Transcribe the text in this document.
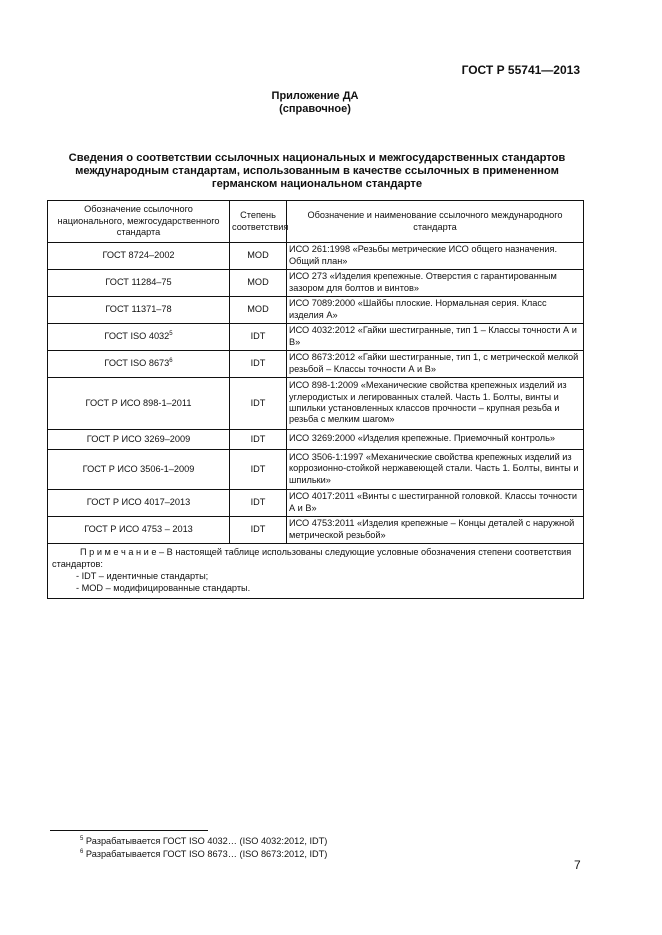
ГОСТ Р 55741—2013
Приложение ДА
(справочное)
Сведения о соответствии ссылочных национальных и межгосударственных стандартов международным стандартам, использованным в качестве ссылочных в примененном германском национальном стандарте
Обозначение ссылочного национального, межгосударственного стандарта	Степень соответствия	Обозначение и наименование ссылочного международного стандарта
ГОСТ 8724–2002	MOD	ИСО 261:1998 «Резьбы метрические ИСО общего назначения. Общий план»
ГОСТ 11284–75	MOD	ИСО 273 «Изделия крепежные. Отверстия с гарантированным зазором для болтов и винтов»
ГОСТ 11371–78	MOD	ИСО 7089:2000 «Шайбы плоские. Нормальная серия. Класс изделия А»
ГОСТ ISO 4032$^5$	IDT	ИСО 4032:2012 «Гайки шестигранные, тип 1 – Классы точности А и В»
ГОСТ ISO 8673$^6$	IDT	ИСО 8673:2012 «Гайки шестигранные, тип 1, с метрической мелкой резьбой – Классы точности А и В»
ГОСТ Р ИСО 898-1–2011	IDT	ИСО 898-1:2009 «Механические свойства крепежных изделий из углеродистых и легированных сталей. Часть 1. Болты, винты и шпильки установленных классов прочности – крупная резьба и резьба с мелким шагом»
ГОСТ Р ИСО 3269–2009	IDT	ИСО 3269:2000 «Изделия крепежные. Приемочный контроль»
ГОСТ Р ИСО 3506-1–2009	IDT	ИСО 3506-1:1997 «Механические свойства крепежных изделий из коррозионно-стойкой нержавеющей стали. Часть 1. Болты, винты и шпильки»
ГОСТ Р ИСО 4017–2013	IDT	ИСО 4017:2011 «Винты с шестигранной головкой. Классы точности А и В»
ГОСТ Р ИСО 4753 – 2013	IDT	ИСО 4753:2011 «Изделия крепежные – Концы деталей с наружной метрической резьбой»

П р и м е ч а н и е – В настоящей таблице использованы следующие условные обозначения степени соответствия стандартов:
- IDT – идентичные стандарты;
- MOD – модифицированные стандарты.		
$^5$ Разрабатывается ГОСТ ISO 4032… (ISO 4032:2012, IDT)
$^6$ Разрабатывается ГОСТ ISO 8673… (ISO 8673:2012, IDT)
7
